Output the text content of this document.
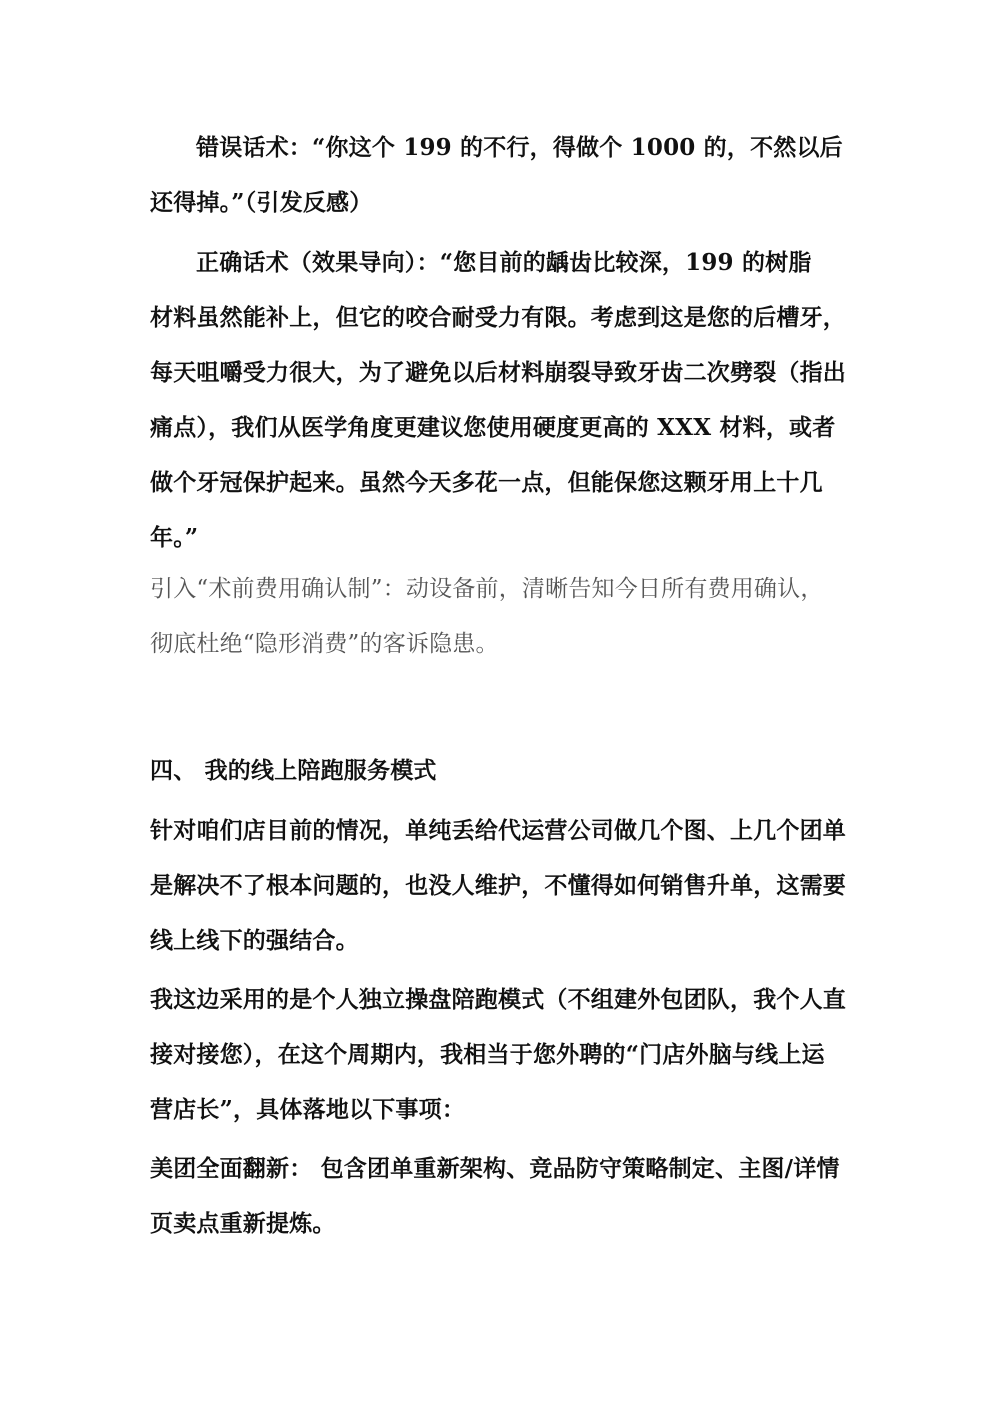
错误话术：“你这个 199 的不行，得做个 1000 的，不然以后
还得掉。”（引发反感）

正确话术（效果导向）：“您目前的龋齿比较深，199 的树脂
材料虽然能补上，但它的咬合耐受力有限。考虑到这是您的后槽牙，
每天咀嚼受力很大，为了避免以后材料崩裂导致牙齿二次劈裂（指出
痛点），我们从医学角度更建议您使用硬度更高的 XXX 材料，或者
做个牙冠保护起来。虽然今天多花一点，但能保您这颗牙用上十几
年。”

引入“术前费用确认制”：动设备前，清晰告知今日所有费用确认，
彻底杜绝“隐形消费”的客诉隐患。

四、 我的线上陪跑服务模式

针对咱们店目前的情况，单纯丢给代运营公司做几个图、上几个团单
是解决不了根本问题的，也没人维护，不懂得如何销售升单，这需要
线上线下的强结合。

我这边采用的是个人独立操盘陪跑模式（不组建外包团队，我个人直
接对接您），在这个周期内，我相当于您外聘的“门店外脑与线上运
营店长”，具体落地以下事项：

美团全面翻新： 包含团单重新架构、竞品防守策略制定、主图/详情
页卖点重新提炼。
